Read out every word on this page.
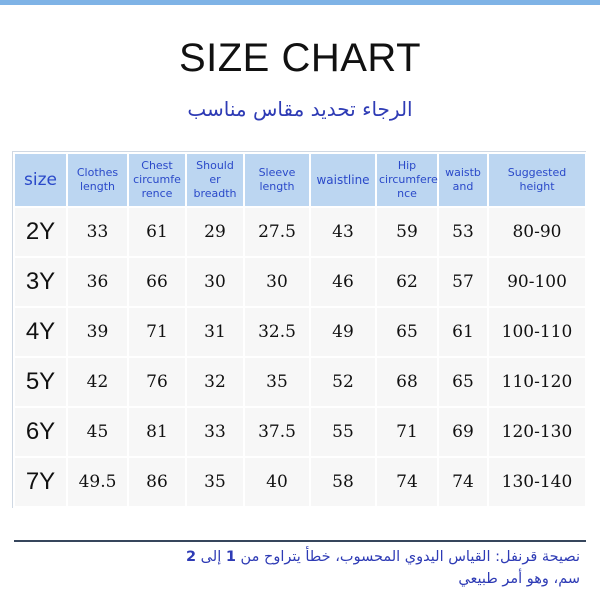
SIZE CHART
الرجاء تحديد مقاس مناسب
size	Clothes length	Chest circumfe rence	Should er breadth	Sleeve length	waistline	Hip circumfere nce	waistb and	Suggested height
2Y	33	61	29	27.5	43	59	53	80-90
3Y	36	66	30	30	46	62	57	90-100
4Y	39	71	31	32.5	49	65	61	100-110
5Y	42	76	32	35	52	68	65	110-120
6Y	45	81	33	37.5	55	71	69	120-130
7Y	49.5	86	35	40	58	74	74	130-140
نصيحة قرنفل: القياس اليدوي المحسوب، خطأ يتراوح من 1 إلى 2
سم، وهو أمر طبيعي
